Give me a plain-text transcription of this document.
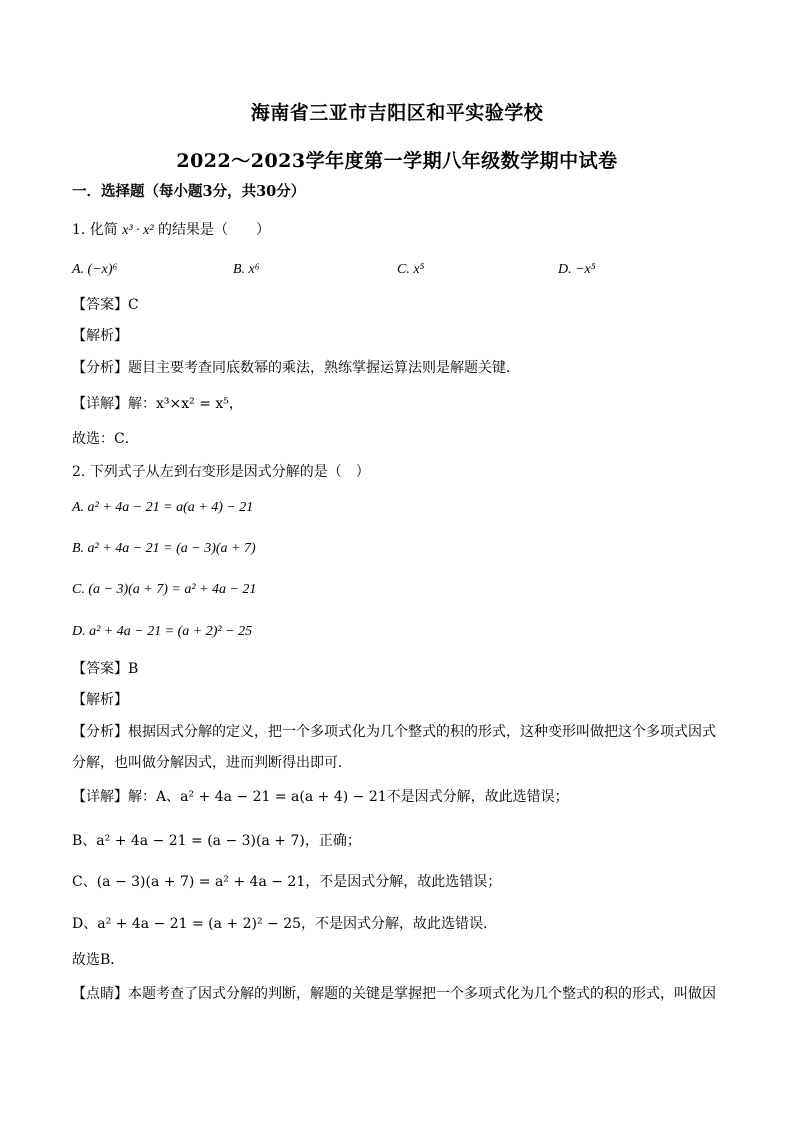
海南省三亚市吉阳区和平实验学校
2022～2023学年度第一学期八年级数学期中试卷
一．选择题（每小题3分，共30分）
1. 化简 x³ · x² 的结果是（　　）
A. (−x)⁶	B. x⁶	C. x⁵	D. −x⁵
【答案】C
【解析】
【分析】题目主要考查同底数幂的乘法，熟练掌握运算法则是解题关键．
【详解】解：x³×x² = x⁵，
故选：C．
2. 下列式子从左到右变形是因式分解的是（　）
A. a² + 4a − 21 = a(a + 4) − 21
B. a² + 4a − 21 = (a − 3)(a + 7)
C. (a − 3)(a + 7) = a² + 4a − 21
D. a² + 4a − 21 = (a + 2)² − 25
【答案】B
【解析】
【分析】根据因式分解的定义，把一个多项式化为几个整式的积的形式，这种变形叫做把这个多项式因式
分解，也叫做分解因式，进而判断得出即可．
【详解】解：A、a² + 4a − 21 = a(a + 4) − 21不是因式分解，故此选错误；
B、a² + 4a − 21 = (a − 3)(a + 7)，正确；
C、(a − 3)(a + 7) = a² + 4a − 21，不是因式分解，故此选错误；
D、a² + 4a − 21 = (a + 2)² − 25，不是因式分解，故此选错误.
故选B．
【点睛】本题考查了因式分解的判断，解题的关键是掌握把一个多项式化为几个整式的积的形式，叫做因
